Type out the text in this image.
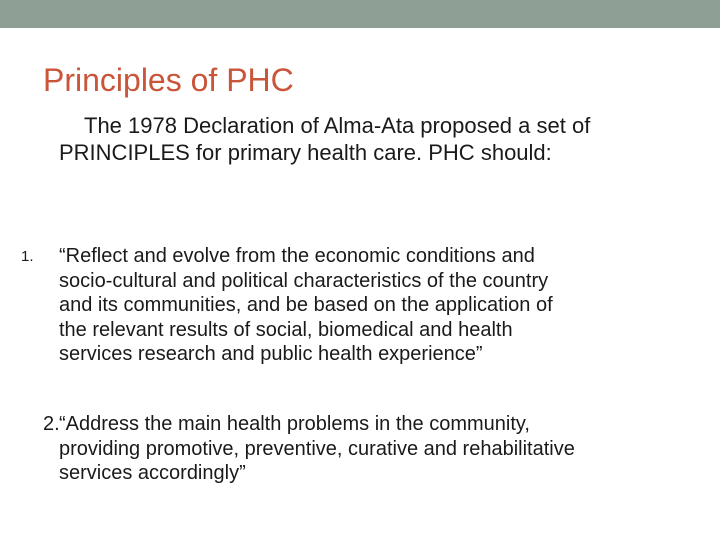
Principles of PHC
The 1978 Declaration of Alma-Ata proposed a set of PRINCIPLES for primary health care. PHC should:
1. “Reflect and evolve from the economic conditions and
socio-cultural and political characteristics of the country
and its communities, and be based on the application of
the relevant results of social, biomedical and health
services research and public health experience”
2. “Address the main health problems in the community,
providing promotive, preventive, curative and rehabilitative
services accordingly”
